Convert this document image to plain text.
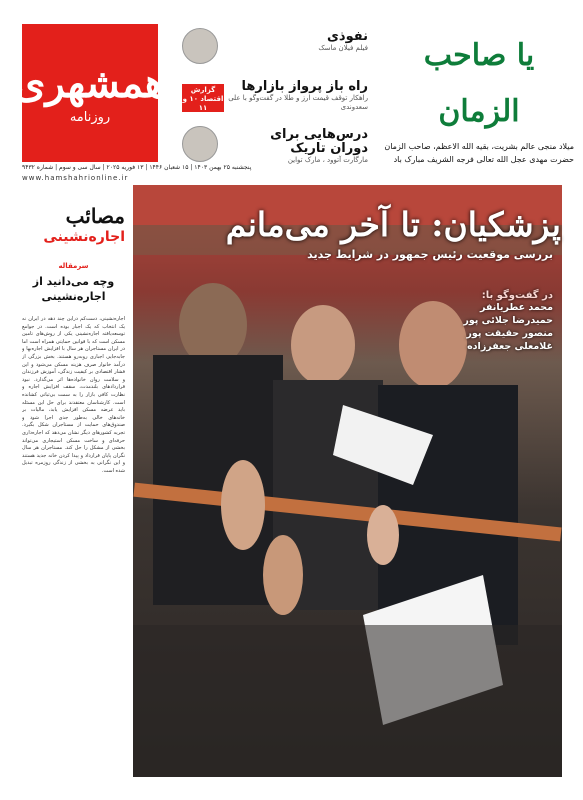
همشهری
روزنامه
نفوذی
فیلم فیلان ماسک
گزارش اقتصاد ۱۰ و ۱۱
راه باز پرواز بازارها
راهکار توقف قیمت ارز و طلا در گفت‌وگو با علی سعدوندی
درس‌هایی برای دوران تاریک
مارگارت آتوود ، مارک تواین
یا صاحب الزمان
میلاد منجی عالم بشریت، بقیه الله الاعظم، صاحب الزمان حضرت مهدی عجل الله تعالی فرجه الشریف مبارک باد
پنجشنبه ۲۵ بهمن ۱۴۰۳ | ۱۵ شعبان ۱۴۴۶ | ۱۳ فوریه ۲۰۲۵ | سال سی و سوم | شماره ۹۴۳۲
www.hamshahrionline.ir
مصائب
اجاره‌نشینی
سرمقاله
وچه می‌دانید از اجاره‌نشینی
اجاره‌نشینی، دست‌کم دراین چند دهه در ایران نه یک انتخاب که یک اجبار بوده است. در جوامع توسعه‌یافته اجاره‌نشینی یکی از روش‌های تامین مسکن است که با قوانین حمایتی همراه است اما در ایران مستاجران هر سال با افزایش اجاره‌بها و جابه‌جایی اجباری روبه‌رو هستند. بخش بزرگی از درآمد خانوار صرف هزینه مسکن می‌شود و این فشار اقتصادی بر کیفیت زندگی، آموزش فرزندان و سلامت روان خانواده‌ها اثر می‌گذارد. نبود قراردادهای بلندمدت، سقف افزایش اجاره و نظارت کافی بازار را به سمت بی‌ثباتی کشانده است. کارشناسان معتقدند برای حل این مسئله باید عرضه مسکن افزایش یابد، مالیات بر خانه‌های خالی به‌طور جدی اجرا شود و صندوق‌های حمایت از مستاجران شکل بگیرد. تجربه کشورهای دیگر نشان می‌دهد که اجاره‌داری حرفه‌ای و ساخت مسکن استیجاری می‌تواند بخشی از مشکل را حل کند. مستاجران هر سال نگران پایان قرارداد و پیدا کردن خانه جدید هستند و این نگرانی به بخشی از زندگی روزمره تبدیل شده است.
پزشکیان: تا آخر می‌مانم
بررسی موقعیت رئیس جمهور در شرایط جدید
در گفت‌وگو با:
محمد عطریانفر
حمیدرضا جلائی پور
منصور حقیقت پور
غلامعلی جعفرزاده
